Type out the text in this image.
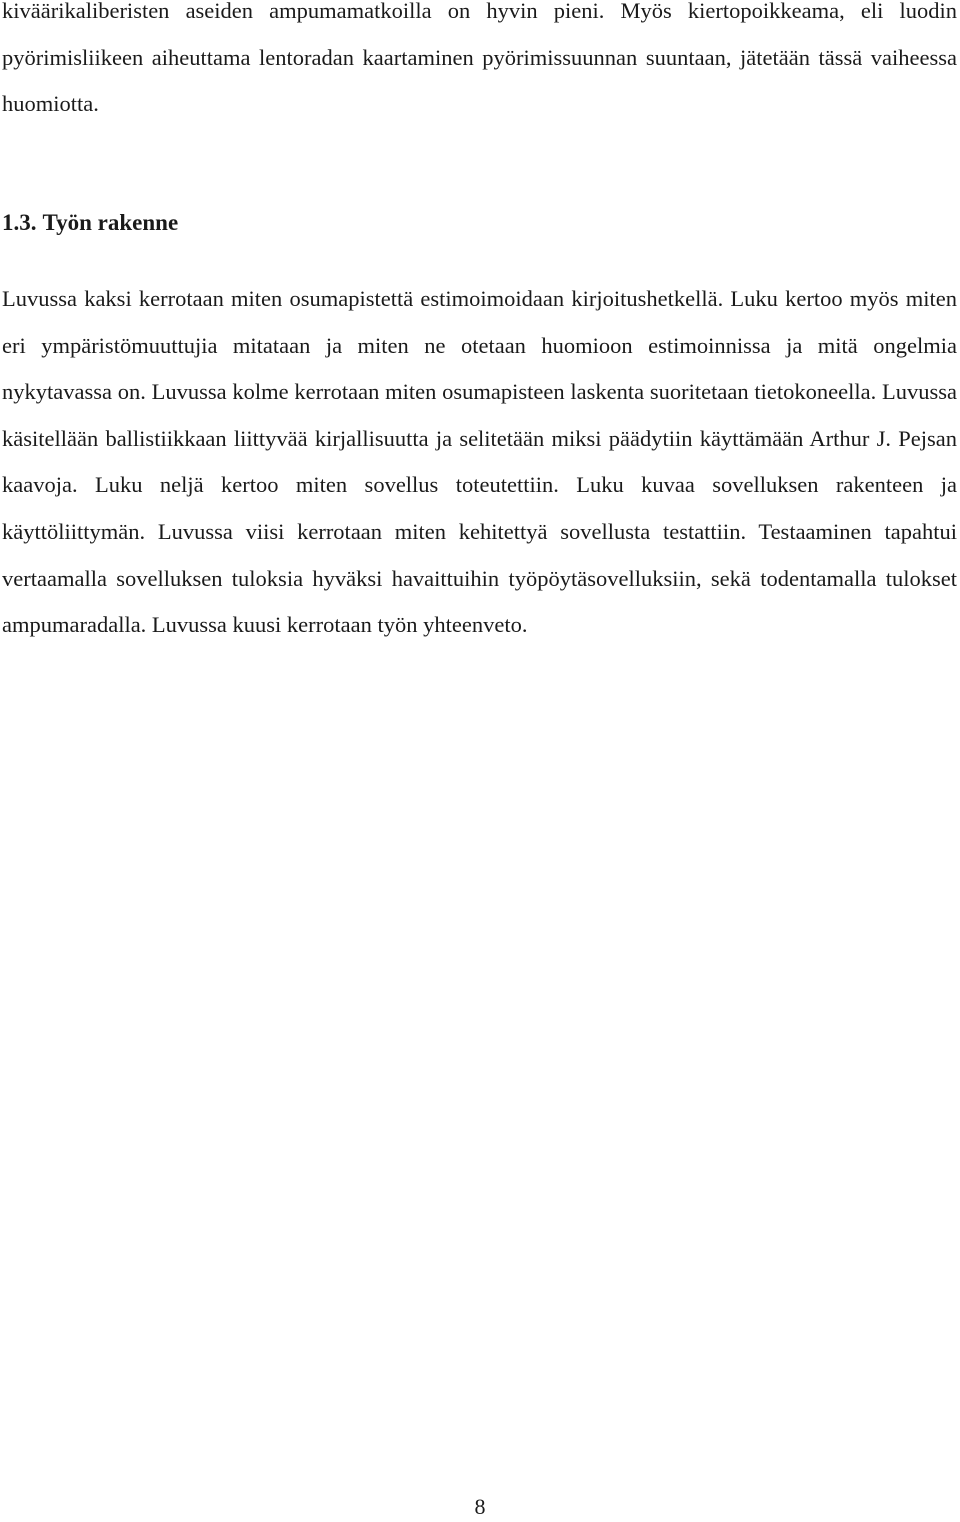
kiväärikaliberisten aseiden ampumamatkoilla on hyvin pieni. Myös kiertopoikkeama, eli luodin pyörimisliikeen aiheuttama lentoradan kaartaminen pyörimissuunnan suuntaan, jätetään tässä vaiheessa huomiotta.

1.3. Työn rakenne

Luvussa kaksi kerrotaan miten osumapistettä estimoimoidaan kirjoitushetkellä. Luku kertoo myös miten eri ympäristömuuttujia mitataan ja miten ne otetaan huomioon estimoinnissa ja mitä ongelmia nykytavassa on. Luvussa kolme kerrotaan miten osumapisteen laskenta suoritetaan tietokoneella. Luvussa käsitellään ballistiikkaan liittyvää kirjallisuutta ja selitetään miksi päädytiin käyttämään Arthur J. Pejsan kaavoja. Luku neljä kertoo miten sovellus toteutettiin. Luku kuvaa sovelluksen rakenteen ja käyttöliittymän. Luvussa viisi kerrotaan miten kehitettyä sovellusta testattiin. Testaaminen tapahtui vertaamalla sovelluksen tuloksia hyväksi havaittuihin työpöytäsovelluksiin, sekä todentamalla tulokset ampumaradalla. Luvussa kuusi kerrotaan työn yhteenveto.

8
